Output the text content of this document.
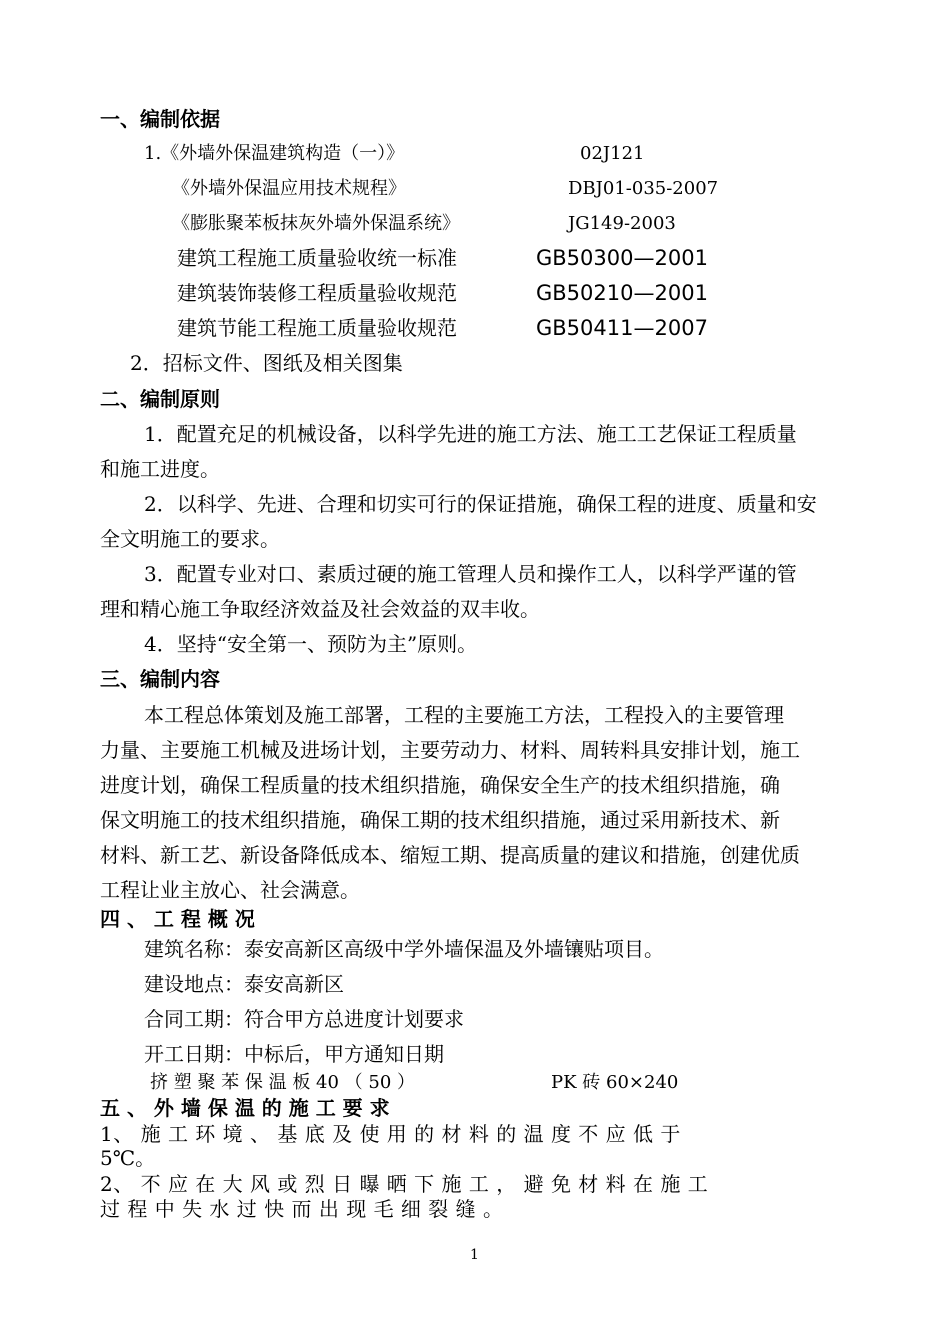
一、编制依据
1.《外墙外保温建筑构造（一）》	02J121
《外墙外保温应用技术规程》	DBJ01-035-2007
《膨胀聚苯板抹灰外墙外保温系统》	JG149-2003
建筑工程施工质量验收统一标准	GB50300—2001
建筑装饰装修工程质量验收规范	GB50210—2001
建筑节能工程施工质量验收规范	GB50411—2007
2．招标文件、图纸及相关图集
二、编制原则
1．配置充足的机械设备，以科学先进的施工方法、施工工艺保证工程质量
和施工进度。
2．以科学、先进、合理和切实可行的保证措施，确保工程的进度、质量和安
全文明施工的要求。
3．配置专业对口、素质过硬的施工管理人员和操作工人，以科学严谨的管
理和精心施工争取经济效益及社会效益的双丰收。
4．坚持“安全第一、预防为主”原则。
三、编制内容
本工程总体策划及施工部署，工程的主要施工方法，工程投入的主要管理
力量、主要施工机械及进场计划，主要劳动力、材料、周转料具安排计划，施工
进度计划，确保工程质量的技术组织措施，确保安全生产的技术组织措施，确
保文明施工的技术组织措施，确保工期的技术组织措施，通过采用新技术、新
材料、新工艺、新设备降低成本、缩短工期、提高质量的建议和措施，创建优质
工程让业主放心、社会满意。
四 、 工 程 概 况
建筑名称：泰安高新区高级中学外墙保温及外墙镶贴项目。
建设地点：泰安高新区
合同工期：符合甲方总进度计划要求
开工日期：中标后，甲方通知日期
挤 塑 聚 苯 保 温 板 40 （ 50 ）	PK 砖 60×240
五 、 外 墙 保 温 的 施 工 要 求
1、 施 工 环 境 、 基 底 及 使 用 的 材 料 的 温 度 不 应 低 于
5℃。
2、 不 应 在 大 风 或 烈 日 曝 晒 下 施 工 ， 避 免 材 料 在 施 工
过 程 中 失 水 过 快 而 出 现 毛 细 裂 缝 。
1
